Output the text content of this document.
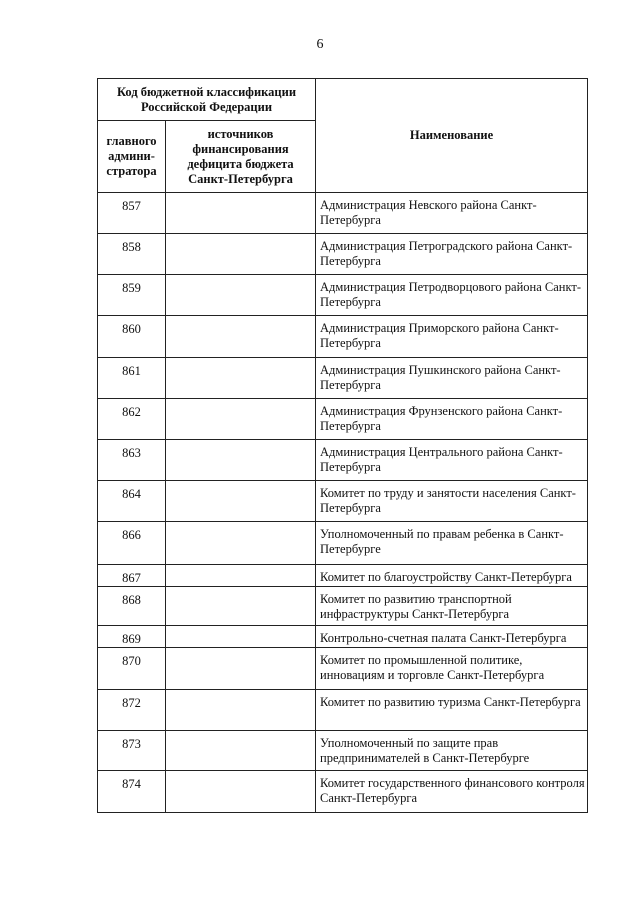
6
Код бюджетной классификации Российской Федерации		Наименование
главного админи-стратора	источников финансирования дефицита бюджета Санкт-Петербурга	
857		Администрация Невского района Санкт-Петербурга
858		Администрация Петроградского района Санкт-Петербурга
859		Администрация Петродворцового района Санкт-Петербурга
860		Администрация Приморского района Санкт-Петербурга
861		Администрация Пушкинского района Санкт-Петербурга
862		Администрация Фрунзенского района Санкт-Петербурга
863		Администрация Центрального района Санкт-Петербурга
864		Комитет по труду и занятости населения Санкт-Петербурга
866		Уполномоченный по правам ребенка в Санкт-Петербурге
867		Комитет по благоустройству Санкт-Петербурга
868		Комитет по развитию транспортной инфраструктуры Санкт-Петербурга
869		Контрольно-счетная палата Санкт-Петербурга
870		Комитет по промышленной политике, инновациям и торговле Санкт-Петербурга
872		Комитет по развитию туризма Санкт-Петербурга
873		Уполномоченный по защите прав предпринимателей в Санкт-Петербурге
874		Комитет государственного финансового контроля Санкт-Петербурга
